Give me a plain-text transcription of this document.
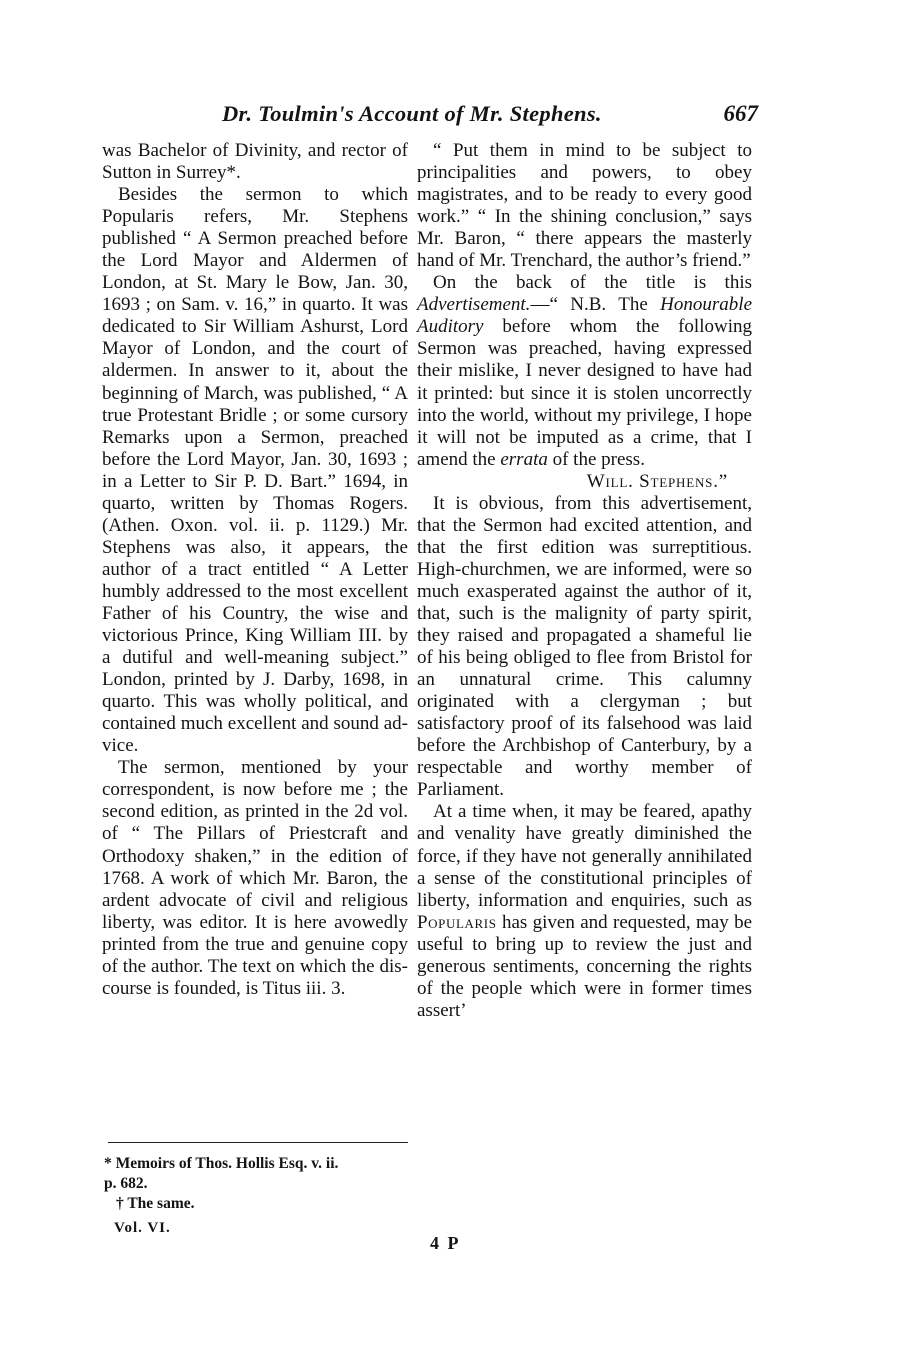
Dr. Toulmin's Account of Mr. Stephens.	667

was Bachelor of Divinity, and rector of Sutton in Surrey*.

Besides the sermon to which Popularis refers, Mr. Stephens published “ A Sermon preached before the Lord Mayor and Aldermen of London, at St. Mary le Bow, Jan. 30, 1693 ; on Sam. v. 16,” in quarto. It was dedicated to Sir William Ashurst, Lord Mayor of London, and the court of aldermen. In answer to it, about the beginning of March, was published, “ A true Protestant Bridle ; or some cursory Remarks upon a Sermon, preached before the Lord Mayor, Jan. 30, 1693 ; in a Letter to Sir P. D. Bart.” 1694, in quarto, written by Thomas Rogers. (Athen. Oxon. vol. ii. p. 1129.) Mr. Stephens was also, it appears, the author of a tract entitled “ A Letter humbly addressed to the most excellent Father of his Country, the wise and victorious Prince, King William III. by a dutiful and well-meaning subject.” London, printed by J. Darby, 1698, in quarto. This was wholly political, and contained much excellent and sound advice.

The sermon, mentioned by your correspondent, is now before me ; the second edition, as printed in the 2d vol. of “ The Pillars of Priestcraft and Orthodoxy shaken,” in the edition of 1768. A work of which Mr. Baron, the ardent advocate of civil and religious liberty, was editor. It is here avowedly printed from the true and genuine copy of the author. The text on which the discourse is founded, is Titus iii. 3.

“ Put them in mind to be subject to principalities and powers, to obey magistrates, and to be ready to every good work.” “ In the shining conclusion,” says Mr. Baron, “ there appears the masterly hand of Mr. Trenchard, the author’s friend.”

On the back of the title is this Advertisement.—“ N.B. The Honourable Auditory before whom the following Sermon was preached, having expressed their mislike, I never designed to have had it printed: but since it is stolen uncorrectly into the world, without my privilege, I hope it will not be imputed as a crime, that I amend the errata of the press.

Will. Stephens.”

It is obvious, from this advertisement, that the Sermon had excited attention, and that the first edition was surreptitious. High-churchmen, we are informed, were so much exasperated against the author of it, that, such is the malignity of party spirit, they raised and propagated a shameful lie of his being obliged to flee from Bristol for an unnatural crime. This calumny originated with a clergyman ; but satisfactory proof of its falsehood was laid before the Archbishop of Canterbury, by a respectable and worthy member of Parliament.

At a time when, it may be feared, apathy and venality have greatly diminished the force, if they have not generally annihilated a sense of the constitutional principles of liberty, information and enquiries, such as Popularis has given and requested, may be useful to bring up to review the just and generous sentiments, concerning the rights of the people which were in former times assert’

* Memoirs of Thos. Hollis Esq. v. ii.
p. 682.
† The same.
Vol. VI.
4 P
